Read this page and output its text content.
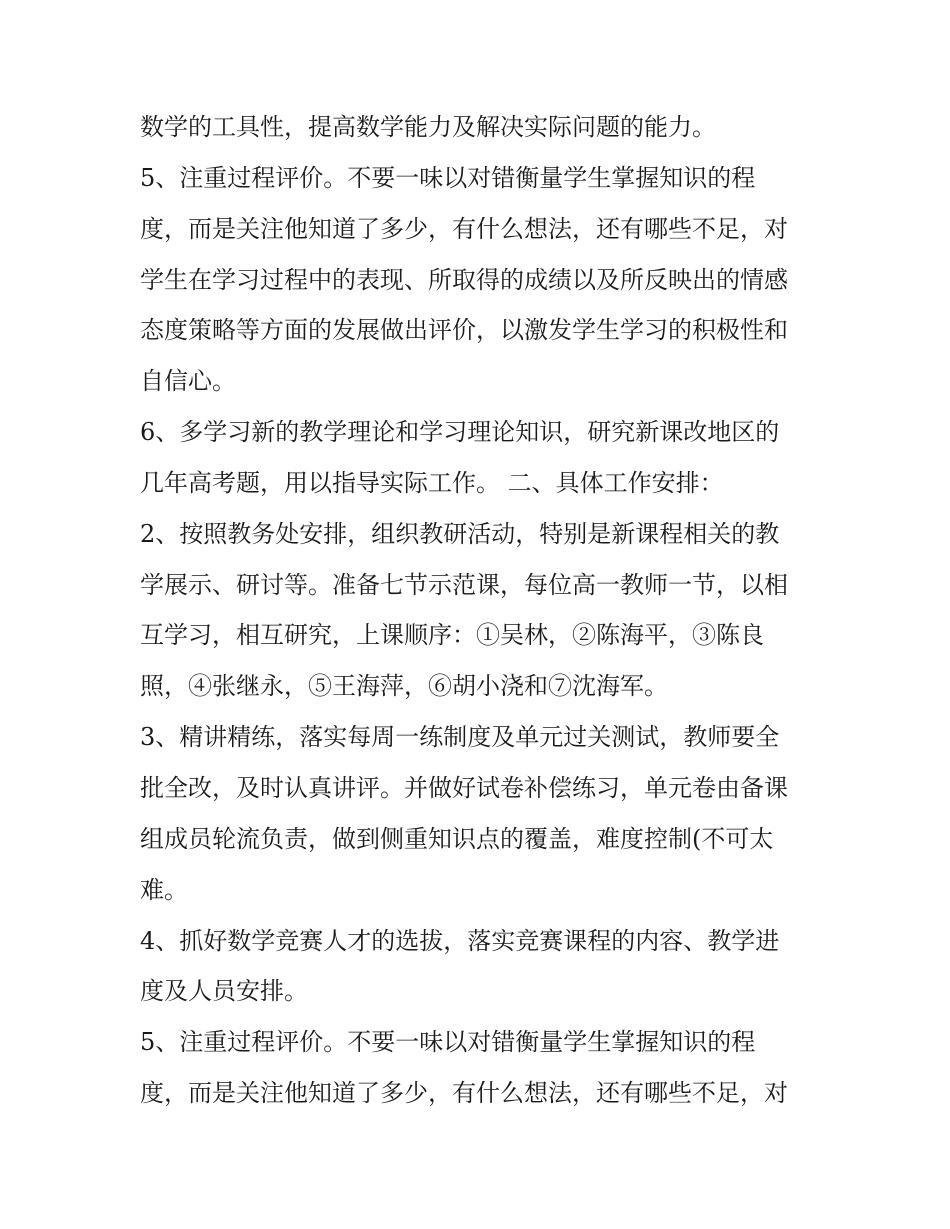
数学的工具性，提高数学能力及解决实际问题的能力。
5、注重过程评价。不要一味以对错衡量学生掌握知识的程
度，而是关注他知道了多少，有什么想法，还有哪些不足，对
学生在学习过程中的表现、所取得的成绩以及所反映出的情感
态度策略等方面的发展做出评价，以激发学生学习的积极性和
自信心。
6、多学习新的教学理论和学习理论知识，研究新课改地区的
几年高考题，用以指导实际工作。 二、具体工作安排：
2、按照教务处安排，组织教研活动，特别是新课程相关的教
学展示、研讨等。准备七节示范课，每位高一教师一节，以相
互学习，相互研究，上课顺序：①吴林，②陈海平，③陈良
照，④张继永，⑤王海萍，⑥胡小浇和⑦沈海军。
3、精讲精练，落实每周一练制度及单元过关测试，教师要全
批全改，及时认真讲评。并做好试卷补偿练习，单元卷由备课
组成员轮流负责，做到侧重知识点的覆盖，难度控制(不可太
难。
4、抓好数学竞赛人才的选拔，落实竞赛课程的内容、教学进
度及人员安排。
5、注重过程评价。不要一味以对错衡量学生掌握知识的程
度，而是关注他知道了多少，有什么想法，还有哪些不足，对
